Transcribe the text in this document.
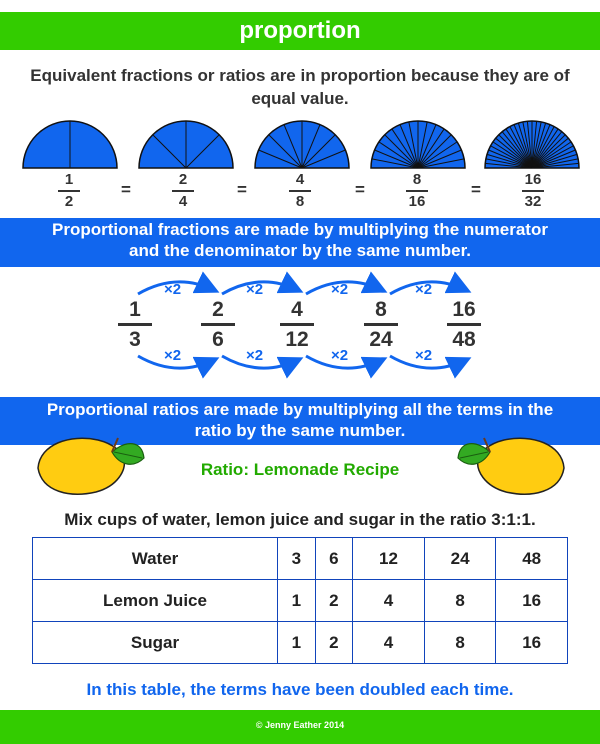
proportion
Equivalent fractions or ratios are in proportion because they are of equal value.
1
2
=
2
4
=
4
8
=
8
16
=
16
32
Proportional fractions are made by multiplying the numerator and the denominator by the same number.
×2	×2	×2	×2
×2	×2	×2	×2
1
3
2
6
4
12
8
24
16
48
Proportional ratios are made by multiplying all the terms in the ratio by the same number.
Ratio: Lemonade Recipe
Mix cups of water, lemon juice and sugar in the ratio 3:1:1.
Water	3	6	12	24	48
Lemon Juice	1	2	4	8	16
Sugar	1	2	4	8	16
In this table, the terms have been doubled each time.
© Jenny Eather 2014
